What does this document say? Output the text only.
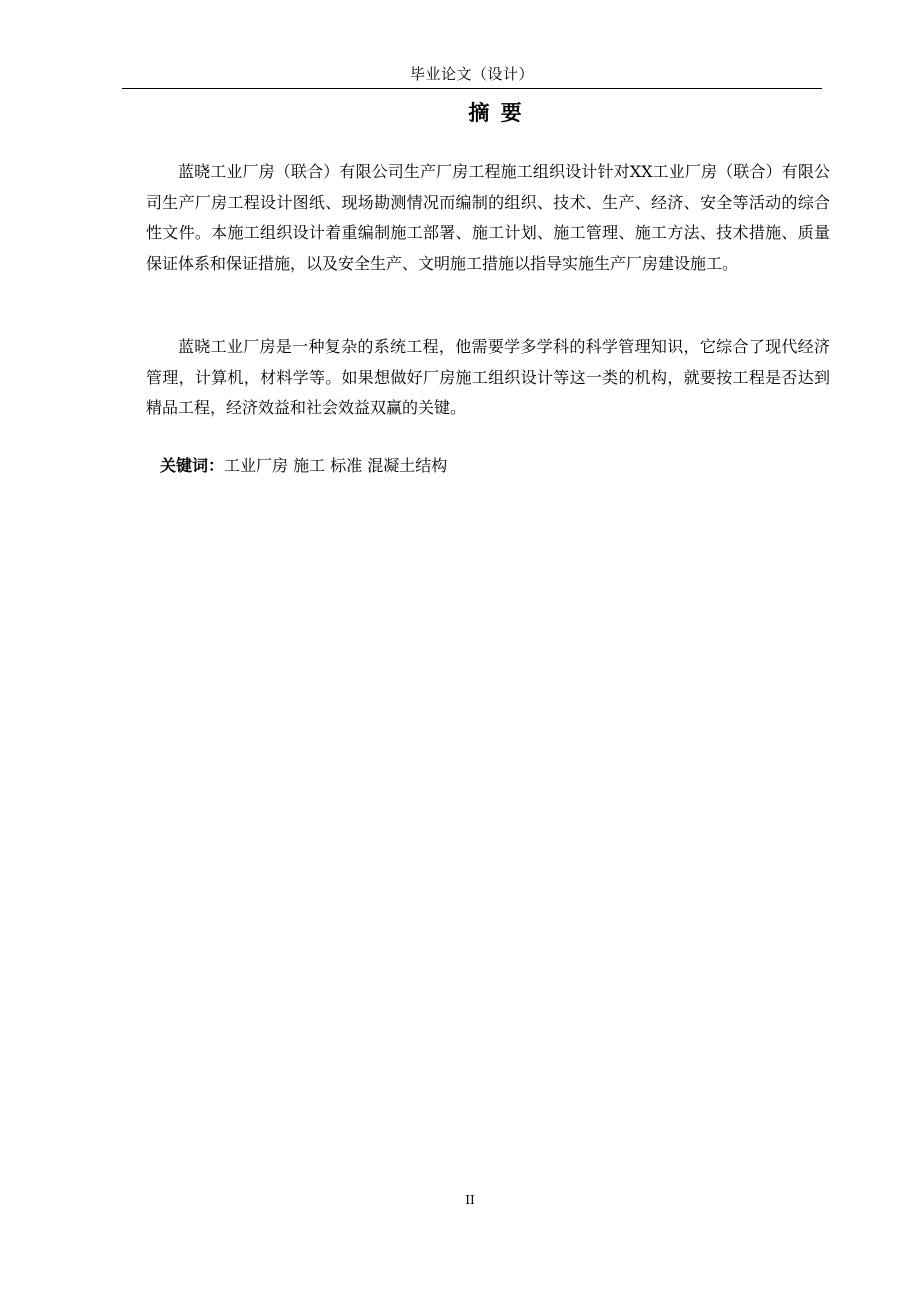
毕业论文（设计）
摘 要

蓝晓工业厂房（联合）有限公司生产厂房工程施工组织设计针对XX工业厂房（联合）有限公司生产厂房工程设计图纸、现场勘测情况而编制的组织、技术、生产、经济、安全等活动的综合性文件。本施工组织设计着重编制施工部署、施工计划、施工管理、施工方法、技术措施、质量保证体系和保证措施，以及安全生产、文明施工措施以指导实施生产厂房建设施工。

蓝晓工业厂房是一种复杂的系统工程，他需要学多学科的科学管理知识，它综合了现代经济管理，计算机，材料学等。如果想做好厂房施工组织设计等这一类的机构，就要按工程是否达到精品工程，经济效益和社会效益双赢的关键。

关键词：工业厂房 施工 标准 混凝土结构
II
